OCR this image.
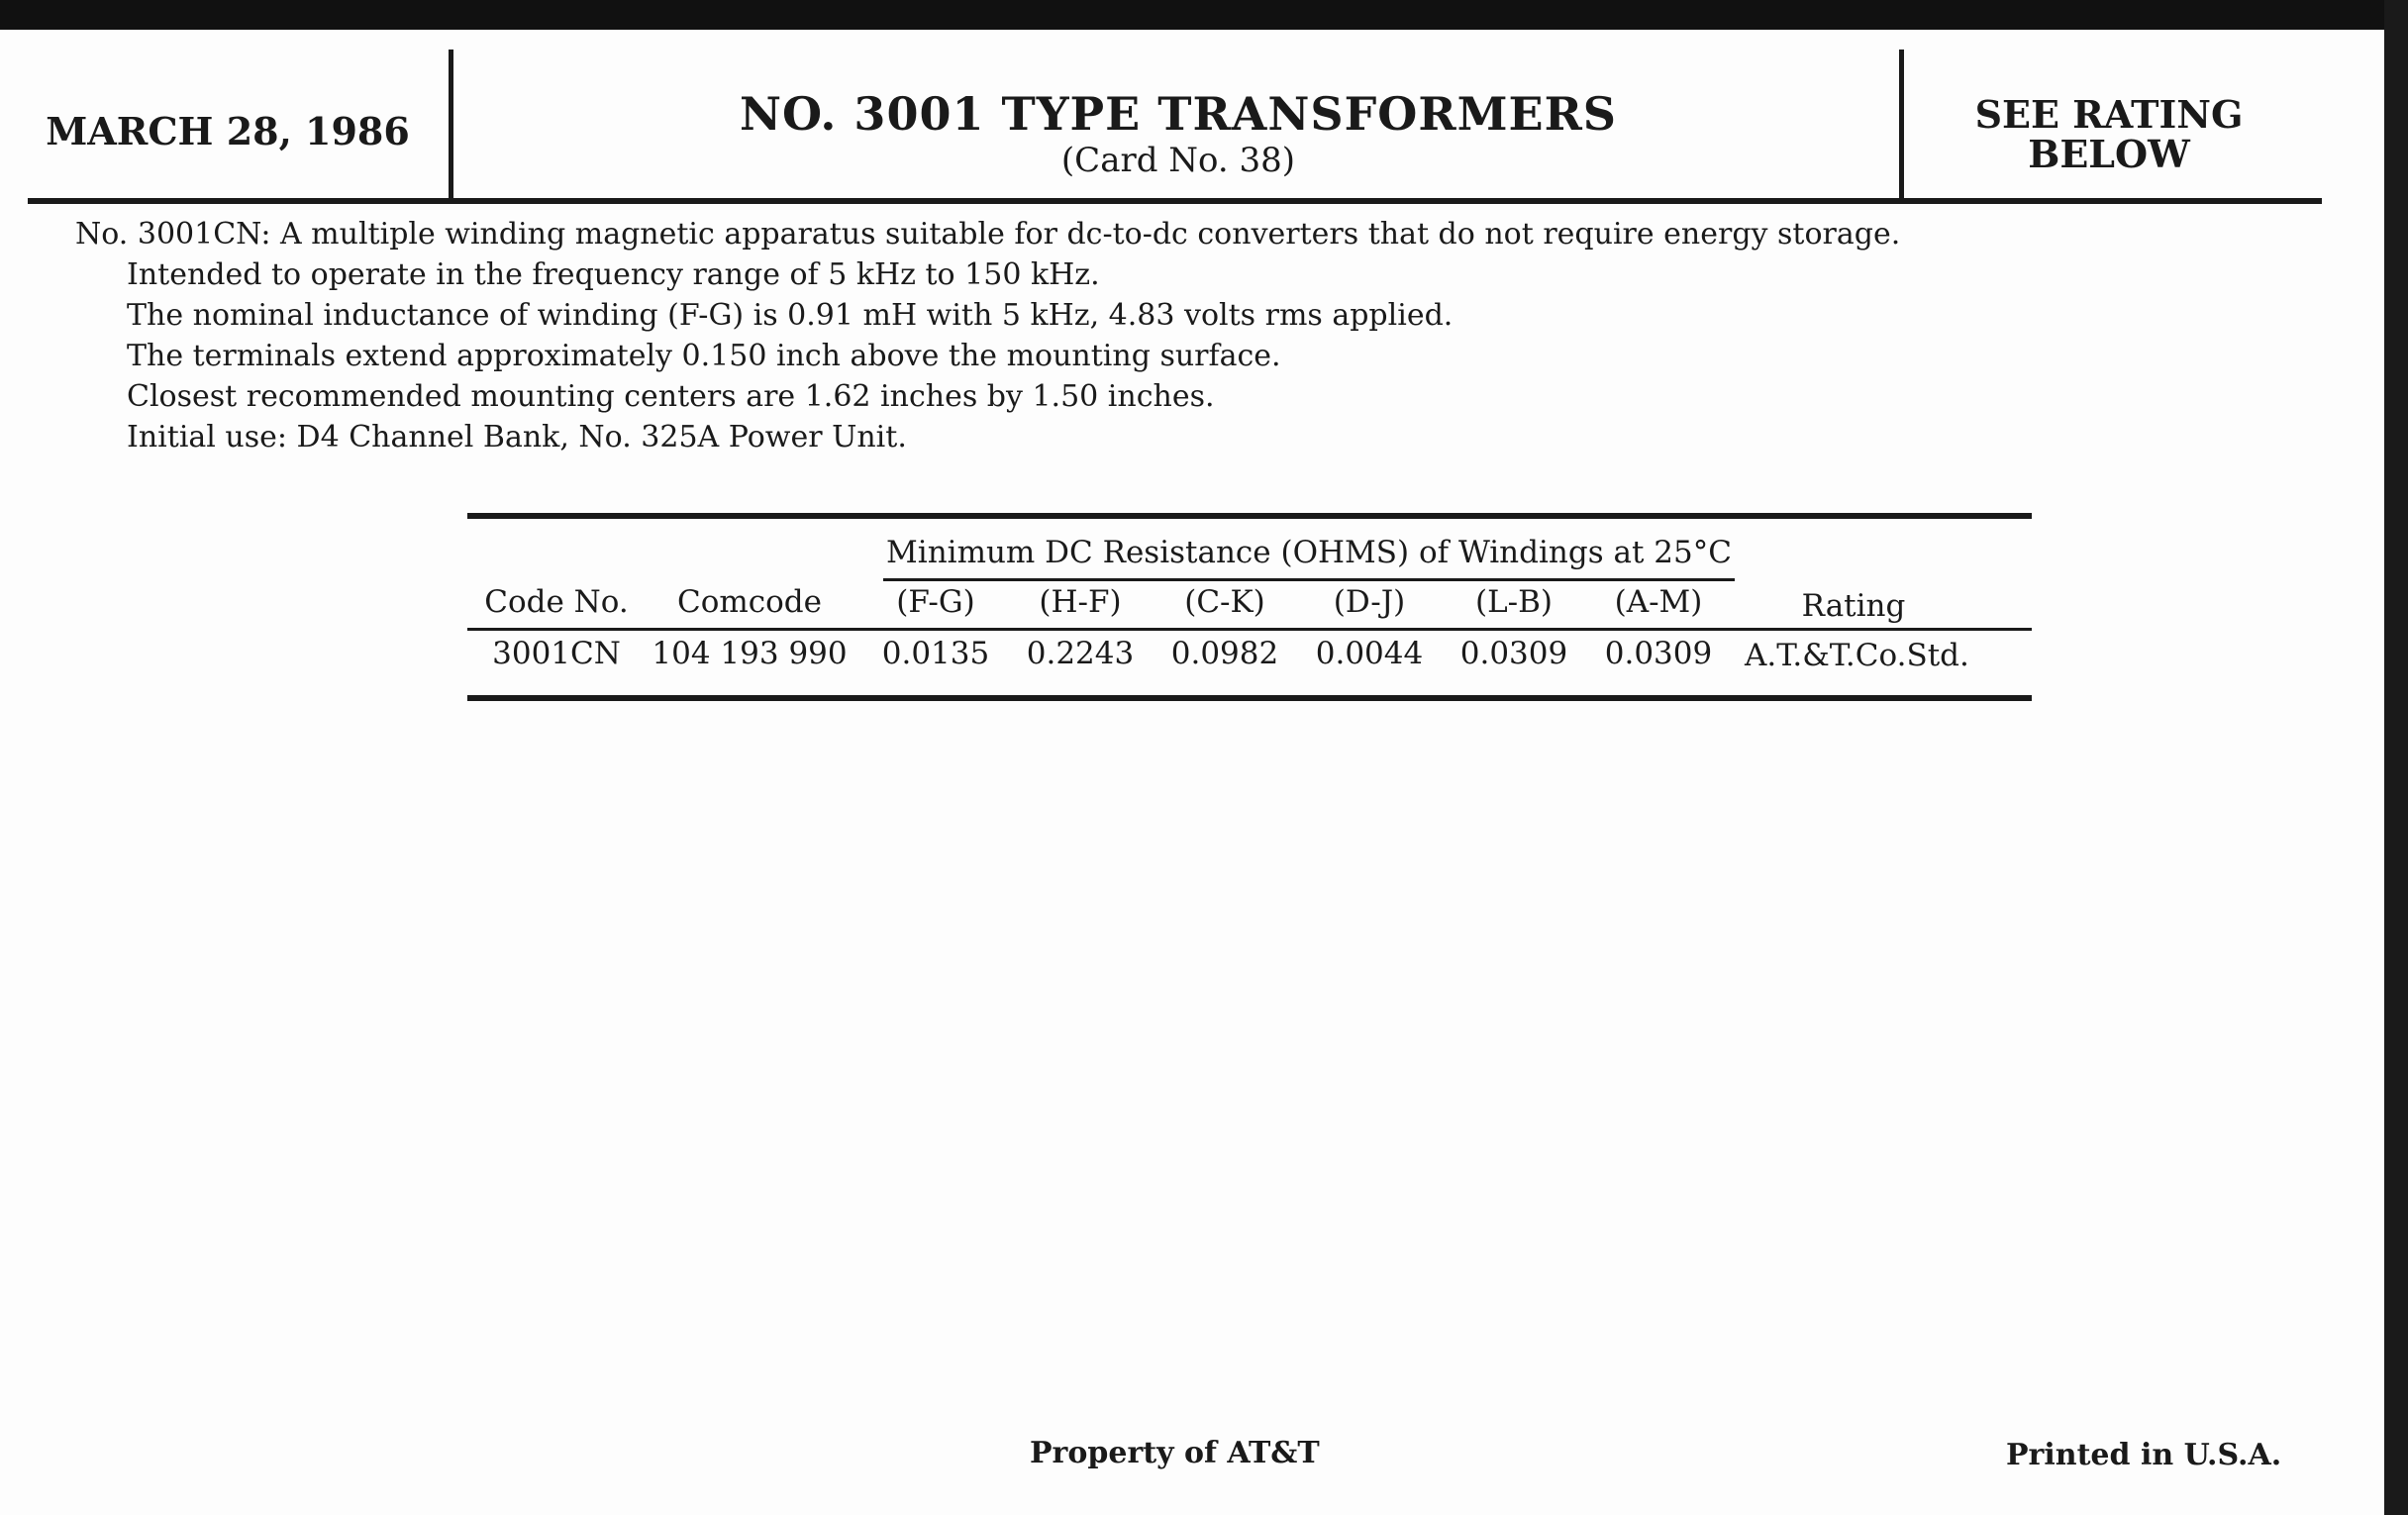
MARCH 28, 1986	NO. 3001 TYPE TRANSFORMERS
(Card No. 38)
SEE RATING
BELOW
No. 3001CN: A multiple winding magnetic apparatus suitable for dc-to-dc converters that do not require energy storage.
Intended to operate in the frequency range of 5 kHz to 150 kHz.
The nominal inductance of winding (F-G) is 0.91 mH with 5 kHz, 4.83 volts rms applied.
The terminals extend approximately 0.150 inch above the mounting surface.
Closest recommended mounting centers are 1.62 inches by 1.50 inches.
Initial use: D4 Channel Bank, No. 325A Power Unit.
Minimum DC Resistance (OHMS) of Windings at 25°C
Code No.	Comcode	(F-G)	(H-F)	(C-K)	(D-J)	(L-B)	(A-M)	Rating
3001CN	104 193 990	0.0135	0.2243	0.0982	0.0044	0.0309	0.0309	A.T.&T.Co.Std.
Property of AT&T	Printed in U.S.A.
